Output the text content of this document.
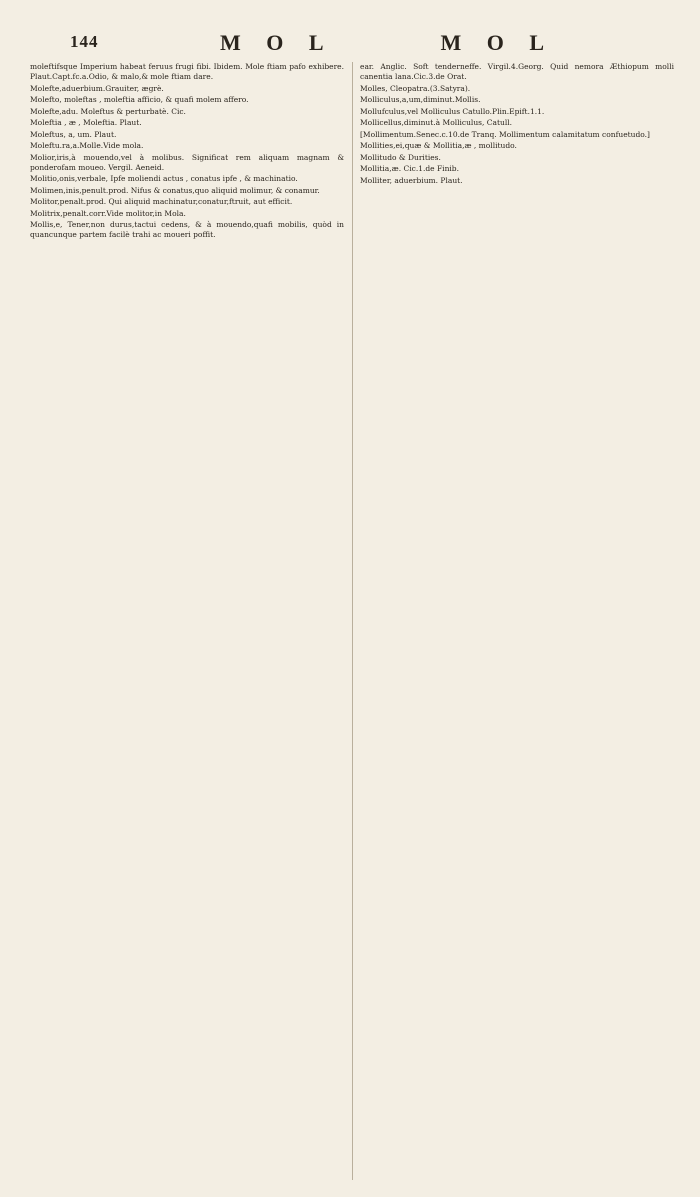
144	M O L	M O L

moleftifsque Imperium habeat feruus frugi fibi. Ibidem. Mole ftiam pafo exhibere. Plaut.Capt.fc.a.Odio, & malo,& mole ftiam dare.

Molefte,aduerbium.Grauiter, ægrè.

Molefto, moleftas , moleftia afficio, & quafi molem affero.

Molefte,adu. Moleftus & perturbatè. Cic.

Moleftia , æ , Moleftia. Plaut.

Moleftus, a, um. Plaut.

Moleftu.ra,a.Molle.Vide mola.

Molior,iris,à mouendo,vel à molibus. Significat rem aliquam magnam & ponderofam moueo. Vergil. Aeneid.

Molitio,onis,verbale, Ipfe moliendi actus , conatus ipfe , & machinatio.

Molimen,inis,penult.prod. Nifus & conatus,quo aliquid molimur, & conamur.

Molitor,penalt.prod. Qui aliquid machinatur,conatur,ftruit, aut efficit.

Molitrix,penalt.corr.Vide molitor,in Mola.

Mollis,e, Tener,non durus,tactui cedens, & à mouendo,quafi mobilis, quòd in quancunque partem facilè trahi ac moueri poffit.

ear. Anglic. Soft tenderneffe. Virgil.4.Georg. Quid nemora Æthiopum molli canentia lana.Cic.3.de Orat.

Molles, Cleopatra.(3.Satyra).

Molliculus,a,um,diminut.Mollis.

Mollufculus,vel Molliculus Catullo.Plin.Epift.1.1.

Mollicellus,diminut.à Molliculus, Catull.

[Mollimentum.Senec.c.10.de Tranq. Mollimentum calamitatum confuetudo.]

Mollities,ei,quæ & Mollitia,æ , mollitudo.

Mollitudo & Durities.

Mollitia,æ. Cic.1.de Finib.

Molliter, aduerbium. Plaut.
